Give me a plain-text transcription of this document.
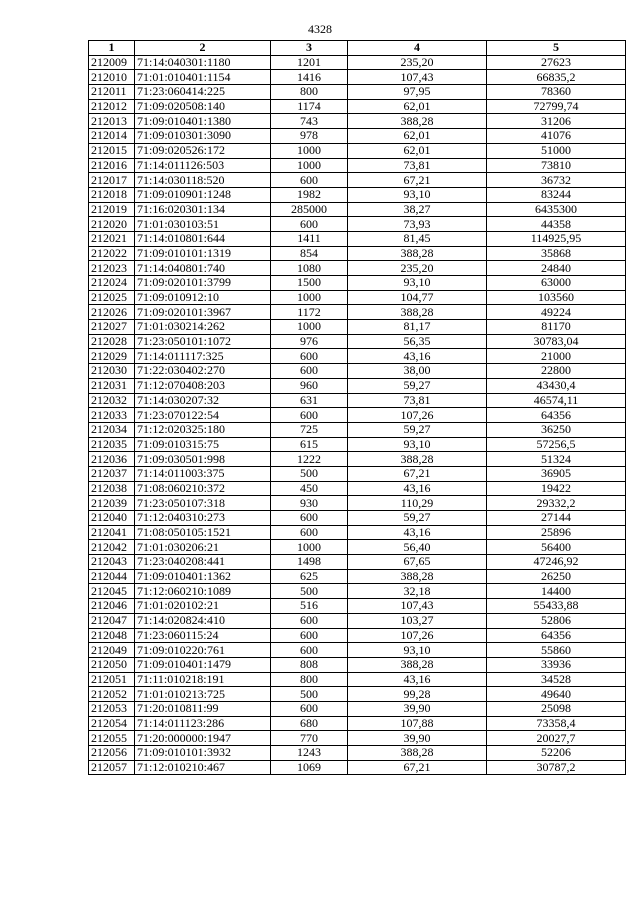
4328
1	2	3	4	5
212009	71:14:040301:1180	1201	235,20	27623
212010	71:01:010401:1154	1416	107,43	66835,2
212011	71:23:060414:225	800	97,95	78360
212012	71:09:020508:140	1174	62,01	72799,74
212013	71:09:010401:1380	743	388,28	31206
212014	71:09:010301:3090	978	62,01	41076
212015	71:09:020526:172	1000	62,01	51000
212016	71:14:011126:503	1000	73,81	73810
212017	71:14:030118:520	600	67,21	36732
212018	71:09:010901:1248	1982	93,10	83244
212019	71:16:020301:134	285000	38,27	6435300
212020	71:01:030103:51	600	73,93	44358
212021	71:14:010801:644	1411	81,45	114925,95
212022	71:09:010101:1319	854	388,28	35868
212023	71:14:040801:740	1080	235,20	24840
212024	71:09:020101:3799	1500	93,10	63000
212025	71:09:010912:10	1000	104,77	103560
212026	71:09:020101:3967	1172	388,28	49224
212027	71:01:030214:262	1000	81,17	81170
212028	71:23:050101:1072	976	56,35	30783,04
212029	71:14:011117:325	600	43,16	21000
212030	71:22:030402:270	600	38,00	22800
212031	71:12:070408:203	960	59,27	43430,4
212032	71:14:030207:32	631	73,81	46574,11
212033	71:23:070122:54	600	107,26	64356
212034	71:12:020325:180	725	59,27	36250
212035	71:09:010315:75	615	93,10	57256,5
212036	71:09:030501:998	1222	388,28	51324
212037	71:14:011003:375	500	67,21	36905
212038	71:08:060210:372	450	43,16	19422
212039	71:23:050107:318	930	110,29	29332,2
212040	71:12:040310:273	600	59,27	27144
212041	71:08:050105:1521	600	43,16	25896
212042	71:01:030206:21	1000	56,40	56400
212043	71:23:040208:441	1498	67,65	47246,92
212044	71:09:010401:1362	625	388,28	26250
212045	71:12:060210:1089	500	32,18	14400
212046	71:01:020102:21	516	107,43	55433,88
212047	71:14:020824:410	600	103,27	52806
212048	71:23:060115:24	600	107,26	64356
212049	71:09:010220:761	600	93,10	55860
212050	71:09:010401:1479	808	388,28	33936
212051	71:11:010218:191	800	43,16	34528
212052	71:01:010213:725	500	99,28	49640
212053	71:20:010811:99	600	39,90	25098
212054	71:14:011123:286	680	107,88	73358,4
212055	71:20:000000:1947	770	39,90	20027,7
212056	71:09:010101:3932	1243	388,28	52206
212057	71:12:010210:467	1069	67,21	30787,2
